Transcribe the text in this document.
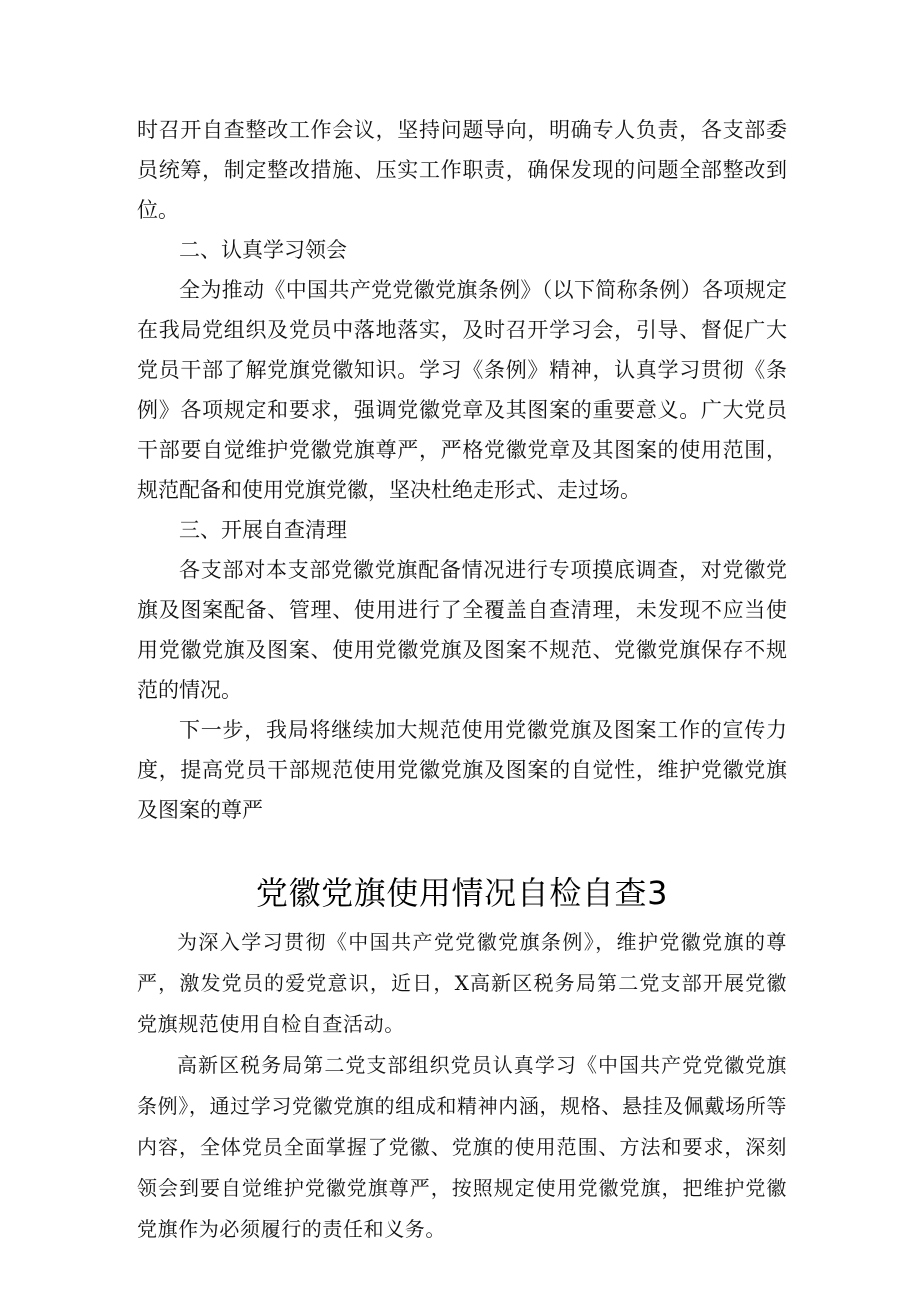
时召开自查整改工作会议，坚持问题导向，明确专人负责，各支部委员统筹，制定整改措施、压实工作职责，确保发现的问题全部整改到位。

二、认真学习领会

全为推动《中国共产党党徽党旗条例》（以下简称条例）各项规定在我局党组织及党员中落地落实，及时召开学习会，引导、督促广大党员干部了解党旗党徽知识。学习《条例》精神，认真学习贯彻《条例》各项规定和要求，强调党徽党章及其图案的重要意义。广大党员干部要自觉维护党徽党旗尊严，严格党徽党章及其图案的使用范围，规范配备和使用党旗党徽，坚决杜绝走形式、走过场。

三、开展自查清理

各支部对本支部党徽党旗配备情况进行专项摸底调查，对党徽党旗及图案配备、管理、使用进行了全覆盖自查清理，未发现不应当使用党徽党旗及图案、使用党徽党旗及图案不规范、党徽党旗保存不规范的情况。

下一步，我局将继续加大规范使用党徽党旗及图案工作的宣传力度，提高党员干部规范使用党徽党旗及图案的自觉性，维护党徽党旗及图案的尊严

党徽党旗使用情况自检自查3

为深入学习贯彻《中国共产党党徽党旗条例》，维护党徽党旗的尊严，激发党员的爱党意识，近日，X高新区税务局第二党支部开展党徽党旗规范使用自检自查活动。

高新区税务局第二党支部组织党员认真学习《中国共产党党徽党旗条例》，通过学习党徽党旗的组成和精神内涵，规格、悬挂及佩戴场所等内容，全体党员全面掌握了党徽、党旗的使用范围、方法和要求，深刻领会到要自觉维护党徽党旗尊严，按照规定使用党徽党旗，把维护党徽党旗作为必须履行的责任和义务。
